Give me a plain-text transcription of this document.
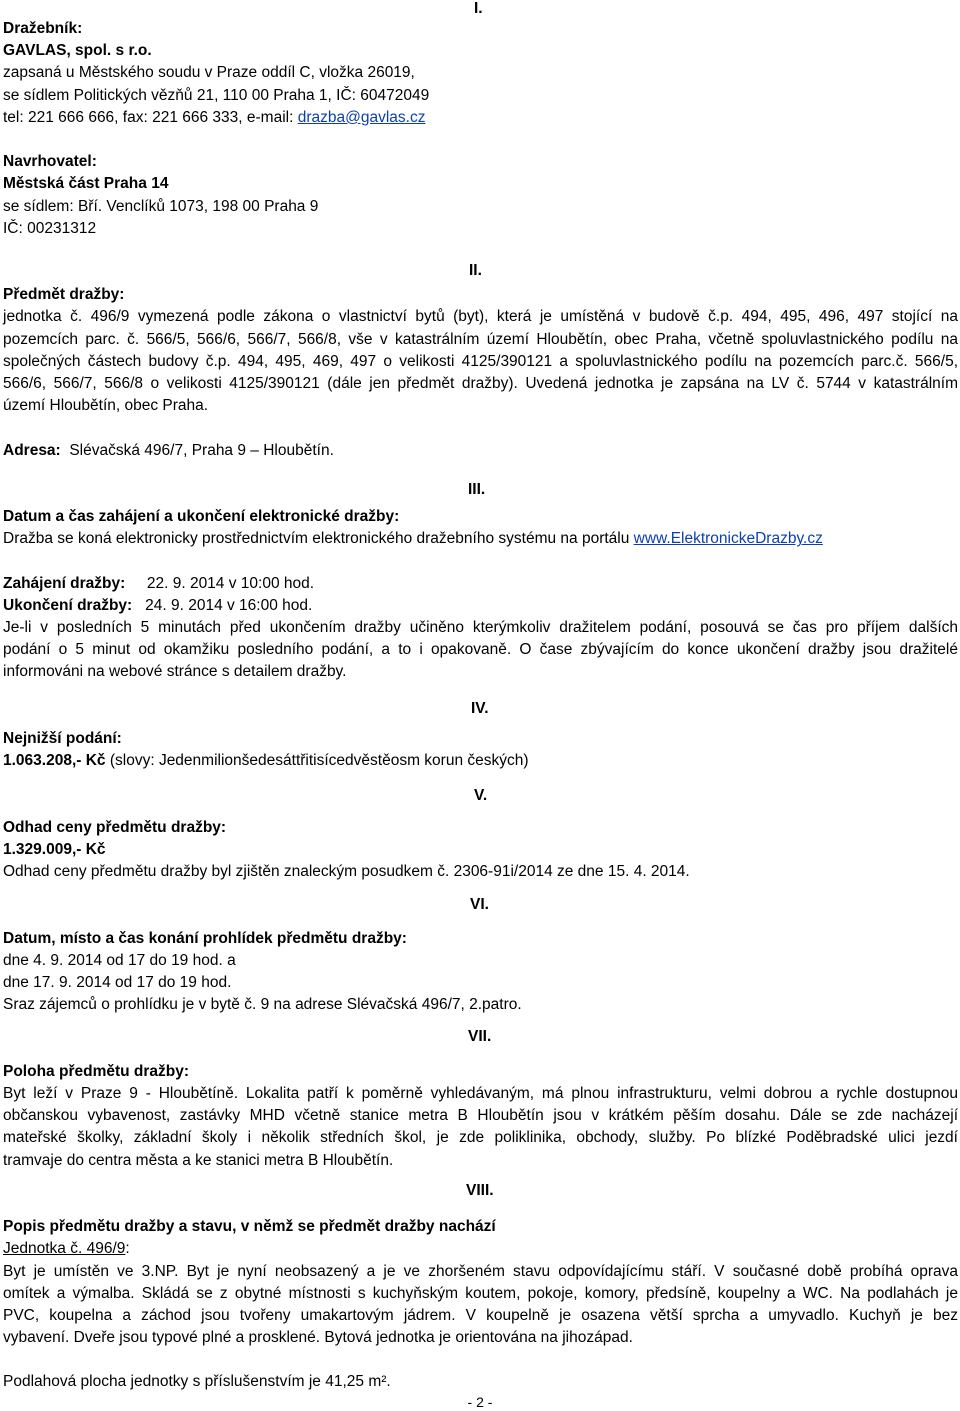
I.
II.
III.
IV.
V.
VI.
VII.
VIII.
Dražebník:
GAVLAS, spol. s r.o.
zapsaná u Městského soudu v Praze oddíl C, vložka 26019,
se sídlem Politických vězňů 21, 110 00 Praha 1, IČ: 60472049
tel: 221 666 666, fax: 221 666 333, e-mail: drazba@gavlas.cz
Navrhovatel:
Městská část Praha 14
se sídlem: Bří. Venclíků 1073, 198 00 Praha 9
IČ: 00231312
Předmět dražby:
jednotka č. 496/9 vymezená podle zákona o vlastnictví bytů (byt), která je umístěná v budově č.p. 494, 495, 496, 497 stojící na
pozemcích parc. č. 566/5, 566/6, 566/7, 566/8, vše v katastrálním území Hloubětín, obec Praha, včetně spoluvlastnického podílu na
společných částech budovy č.p. 494, 495, 469, 497 o velikosti 4125/390121 a spoluvlastnického podílu na pozemcích parc.č. 566/5,
566/6, 566/7, 566/8 o velikosti 4125/390121 (dále jen předmět dražby). Uvedená jednotka je zapsána na LV č. 5744 v katastrálním
území Hloubětín, obec Praha.
Adresa: Slévačská 496/7, Praha 9 – Hloubětín.
Datum a čas zahájení a ukončení elektronické dražby:
Dražba se koná elektronicky prostřednictvím elektronického dražebního systému na portálu www.ElektronickeDrazby.cz
Zahájení dražby: 22. 9. 2014 v 10:00 hod.
Ukončení dražby: 24. 9. 2014 v 16:00 hod.
Je-li v posledních 5 minutách před ukončením dražby učiněno kterýmkoliv dražitelem podání, posouvá se čas pro příjem dalších
podání o 5 minut od okamžiku posledního podání, a to i opakovaně. O čase zbývajícím do konce ukončení dražby jsou dražitelé
informováni na webové stránce s detailem dražby.
Nejnižší podání:
1.063.208,- Kč (slovy: Jedenmilionšedesáttřitisícedvěstěosm korun českých)
Odhad ceny předmětu dražby:
1.329.009,- Kč
Odhad ceny předmětu dražby byl zjištěn znaleckým posudkem č. 2306-91i/2014 ze dne 15. 4. 2014.
Datum, místo a čas konání prohlídek předmětu dražby:
dne 4. 9. 2014 od 17 do 19 hod. a
dne 17. 9. 2014 od 17 do 19 hod.
Sraz zájemců o prohlídku je v bytě č. 9 na adrese Slévačská 496/7, 2.patro.
Poloha předmětu dražby:
Byt leží v Praze 9 - Hloubětíně. Lokalita patří k poměrně vyhledávaným, má plnou infrastrukturu, velmi dobrou a rychle dostupnou
občanskou vybavenost, zastávky MHD včetně stanice metra B Hloubětín jsou v krátkém pěším dosahu. Dále se zde nacházejí
mateřské školky, základní školy i několik středních škol, je zde poliklinika, obchody, služby. Po blízké Poděbradské ulici jezdí
tramvaje do centra města a ke stanici metra B Hloubětín.
Popis předmětu dražby a stavu, v němž se předmět dražby nachází
Jednotka č. 496/9:
Byt je umístěn ve 3.NP. Byt je nyní neobsazený a je ve zhoršeném stavu odpovídajícímu stáří. V současné době probíhá oprava
omítek a výmalba. Skládá se z obytné místnosti s kuchyňským koutem, pokoje, komory, předsíně, koupelny a WC. Na podlahách je
PVC, koupelna a záchod jsou tvořeny umakartovým jádrem. V koupelně je osazena větší sprcha a umyvadlo. Kuchyň je bez
vybavení. Dveře jsou typové plné a prosklené. Bytová jednotka je orientována na jihozápad.
Podlahová plocha jednotky s příslušenstvím je 41,25 m².
- 2 -
